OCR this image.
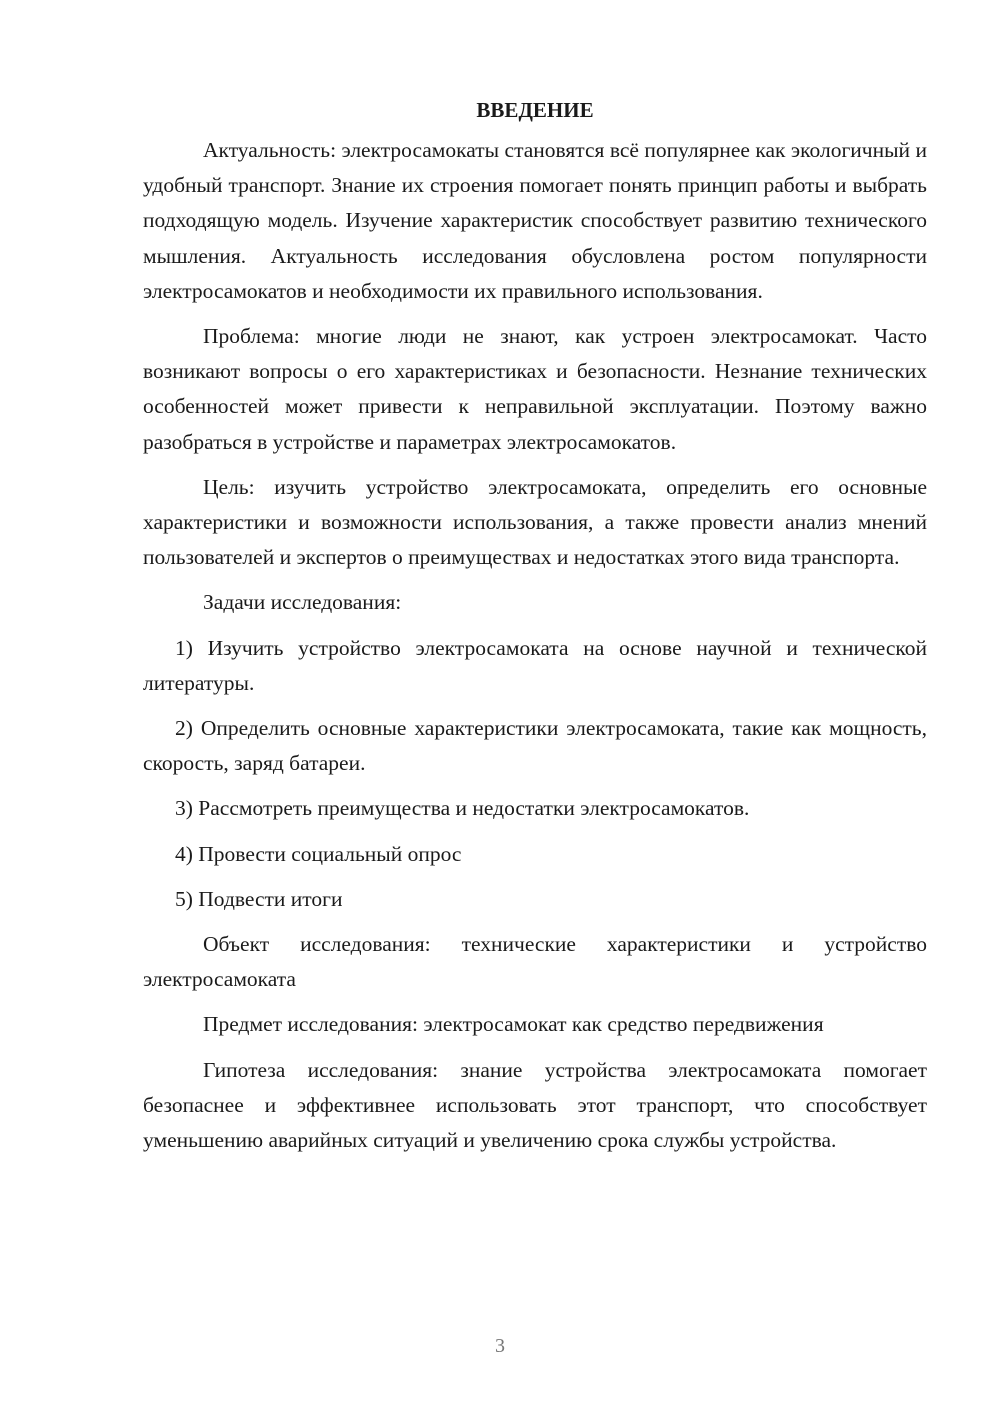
ВВЕДЕНИЕ

Актуальность: электросамокаты становятся всё популярнее как экологичный и удобный транспорт. Знание их строения помогает понять принцип работы и выбрать подходящую модель. Изучение характеристик способствует развитию технического мышления. Актуальность исследования обусловлена ростом популярности электросамокатов и необходимости их правильного использования.

Проблема: многие люди не знают, как устроен электросамокат. Часто возникают вопросы о его характеристиках и безопасности. Незнание технических особенностей может привести к неправильной эксплуатации. Поэтому важно разобраться в устройстве и параметрах электросамокатов.

Цель: изучить устройство электросамоката, определить его основные характеристики и возможности использования, а также провести анализ мнений пользователей и экспертов о преимуществах и недостатках этого вида транспорта.

Задачи исследования:

1) Изучить устройство электросамоката на основе научной и технической литературы.

2) Определить основные характеристики электросамоката, такие как мощность, скорость, заряд батареи.

3) Рассмотреть преимущества и недостатки электросамокатов.

4) Провести социальный опрос

5) Подвести итоги

Объект исследования: технические характеристики и устройство электросамоката

Предмет исследования: электросамокат как средство передвижения

Гипотеза исследования: знание устройства электросамоката помогает безопаснее и эффективнее использовать этот транспорт, что способствует уменьшению аварийных ситуаций и увеличению срока службы устройства.

3
